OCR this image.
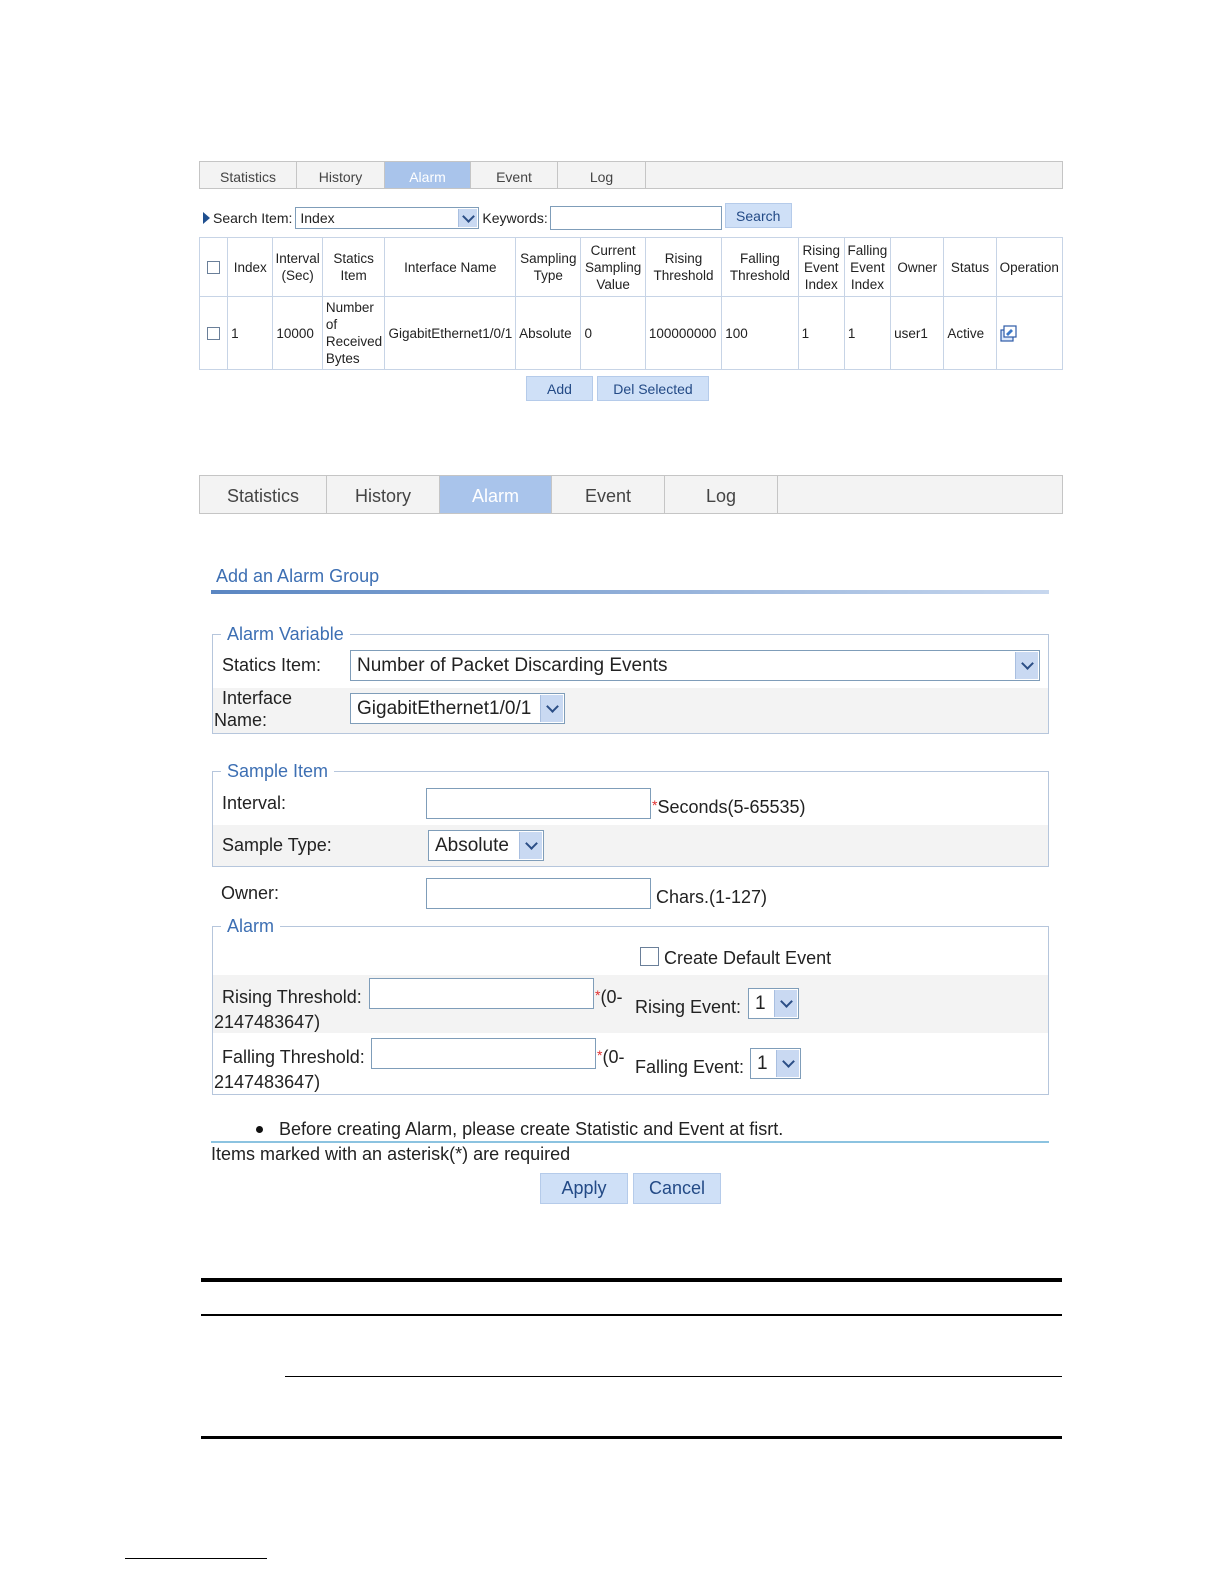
Statistics	History	Alarm	Event	Log
Search Item: Index	Keywords:	Search
	Index	Interval (Sec)	Statics Item	Interface Name	Sampling Type	Current Sampling Value	Rising Threshold	Falling Threshold	Rising Event Index	Falling Event Index	Owner	Status	Operation
	1	10000	Number of Received Bytes	GigabitEthernet1/0/1	Absolute	0	100000000	100	1	1	user1	Active	
Add	Del Selected
Statistics	History	Alarm	Event	Log
Add an Alarm Group
Alarm Variable
Statics Item: Number of Packet Discarding Events
Interface
Name:
GigabitEthernet1/0/1
Sample Item
Interval:	*Seconds(5-65535)
Sample Type:	Absolute
Owner:	Chars.(1-127)
Alarm
Create Default Event
Rising Threshold:	*(0-
2147483647)
Rising Event: 1
Falling Threshold:	*(0-
2147483647)
Falling Event: 1
Before creating Alarm, please create Statistic and Event at fisrt.
Items marked with an asterisk(*) are required
Apply	Cancel
